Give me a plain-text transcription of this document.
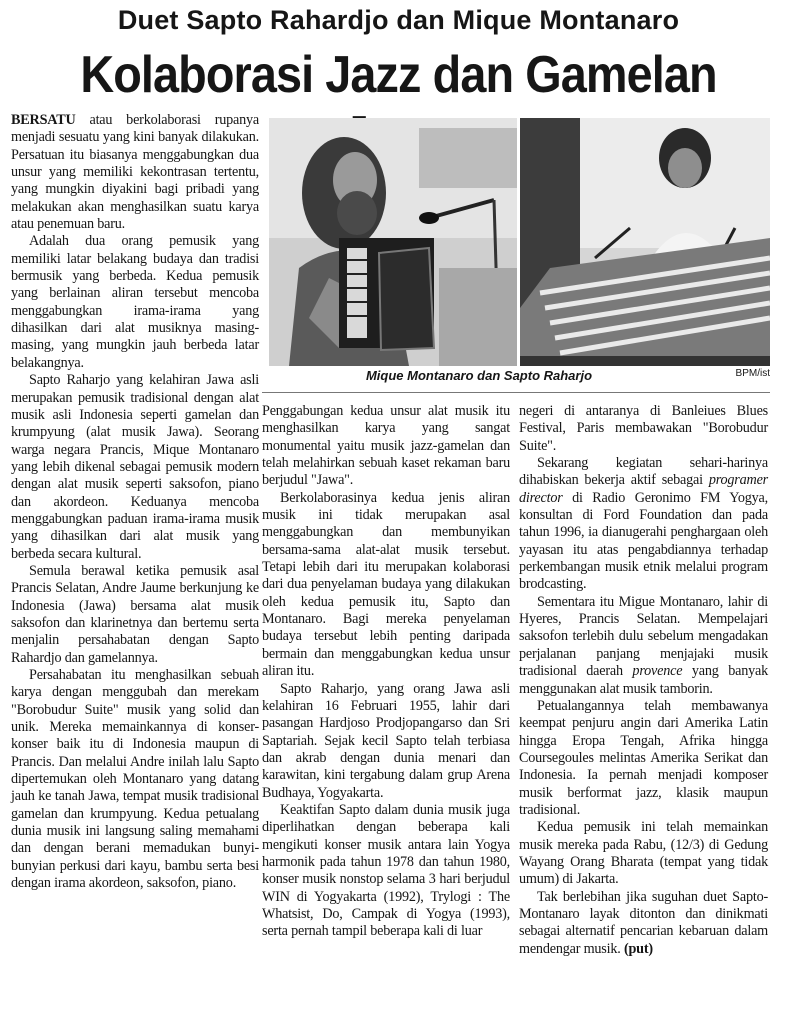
Duet Sapto Rahardjo dan Mique Montanaro
Kolaborasi Jazz dan Gamelan
Mique Montanaro dan Sapto Raharjo	BPM/ist

BERSATU atau berkolaborasi rupanya menjadi sesuatu yang kini banyak dilakukan. Persatuan itu biasanya menggabungkan dua unsur yang memiliki kekontrasan tertentu, yang mungkin diyakini bagi pribadi yang melakukan akan menghasilkan suatu karya atau penemuan baru.

Adalah dua orang pemusik yang memiliki latar belakang budaya dan tradisi bermusik yang berbeda. Kedua pemusik yang berlainan aliran tersebut mencoba menggabungkan irama-irama yang dihasilkan dari alat musiknya masing-masing, yang mungkin jauh berbeda latar belakangnya.

Sapto Raharjo yang kelahiran Jawa asli merupakan pemusik tradisional dengan alat musik asli Indonesia seperti gamelan dan krumpyung (alat musik Jawa). Seorang warga negara Prancis, Mique Montanaro yang lebih dikenal sebagai pemusik modern dengan alat musik seperti saksofon, piano dan akordeon. Keduanya mencoba menggabungkan paduan irama-irama musik yang dihasilkan dari alat musik yang berbeda secara kultural.

Semula berawal ketika pemusik asal Prancis Selatan, Andre Jaume berkunjung ke Indonesia (Jawa) bersama alat musik saksofon dan klarinetnya dan bertemu serta menjalin persahabatan dengan Sapto Rahardjo dan gamelannya.

Persahabatan itu menghasilkan sebuah karya dengan menggubah dan merekam "Borobudur Suite" musik yang solid dan unik. Mereka memainkannya di konser-konser baik itu di Indonesia maupun di Prancis. Dan melalui Andre inilah lalu Sapto dipertemukan oleh Montanaro yang datang jauh ke tanah Jawa, tempat musik tradisional gamelan dan krumpyung. Kedua petualang dunia musik ini langsung saling memahami dan dengan berani memadukan bunyi-bunyian perkusi dari kayu, bambu serta besi dengan irama akordeon, saksofon, piano.

Penggabungan kedua unsur alat musik itu menghasilkan karya yang sangat monumental yaitu musik jazz-gamelan dan telah melahirkan sebuah kaset rekaman baru berjudul "Jawa".

Berkolaborasinya kedua jenis aliran musik ini tidak merupakan asal menggabungkan dan membunyikan bersama-sama alat-alat musik tersebut. Tetapi lebih dari itu merupakan kolaborasi dari dua penyelaman budaya yang dilakukan oleh kedua pemusik itu, Sapto dan Montanaro. Bagi mereka penyelaman budaya tersebut lebih penting daripada bermain dan menggabungkan kedua unsur aliran itu.

Sapto Raharjo, yang orang Jawa asli kelahiran 16 Februari 1955, lahir dari pasangan Hardjoso Prodjopangarso dan Sri Saptariah. Sejak kecil Sapto telah terbiasa dan akrab dengan dunia menari dan karawitan, kini tergabung dalam grup Arena Budhaya, Yogyakarta.

Keaktifan Sapto dalam dunia musik juga diperlihatkan dengan beberapa kali mengikuti konser musik antara lain Yogya harmonik pada tahun 1978 dan tahun 1980, konser musik nonstop selama 3 hari berjudul WIN di Yogyakarta (1992), Trylogi : The Whatsist, Do, Campak di Yogya (1993), serta pernah tampil beberapa kali di luar

negeri di antaranya di Banleiues Blues Festival, Paris membawakan "Borobudur Suite".

Sekarang kegiatan sehari-harinya dihabiskan bekerja aktif sebagai programer director di Radio Geronimo FM Yogya, konsultan di Ford Foundation dan pada tahun 1996, ia dianugerahi penghargaan oleh yayasan itu atas pengabdiannya terhadap perkembangan musik etnik melalui program brodcasting.

Sementara itu Migue Montanaro, lahir di Hyeres, Prancis Selatan. Mempelajari saksofon terlebih dulu sebelum mengadakan perjalanan panjang menjajaki musik tradisional daerah provence yang banyak menggunakan alat musik tamborin.

Petualangannya telah membawanya keempat penjuru angin dari Amerika Latin hingga Eropa Tengah, Afrika hingga Coursegoules melintas Amerika Serikat dan Indonesia. Ia pernah menjadi komposer musik berformat jazz, klasik maupun tradisional.

Kedua pemusik ini telah memainkan musik mereka pada Rabu, (12/3) di Gedung Wayang Orang Bharata (tempat yang tidak umum) di Jakarta.

Tak berlebihan jika suguhan duet Sapto-Montanaro layak ditonton dan dinikmati sebagai alternatif pencarian kebaruan dalam mendengar musik. (put)
